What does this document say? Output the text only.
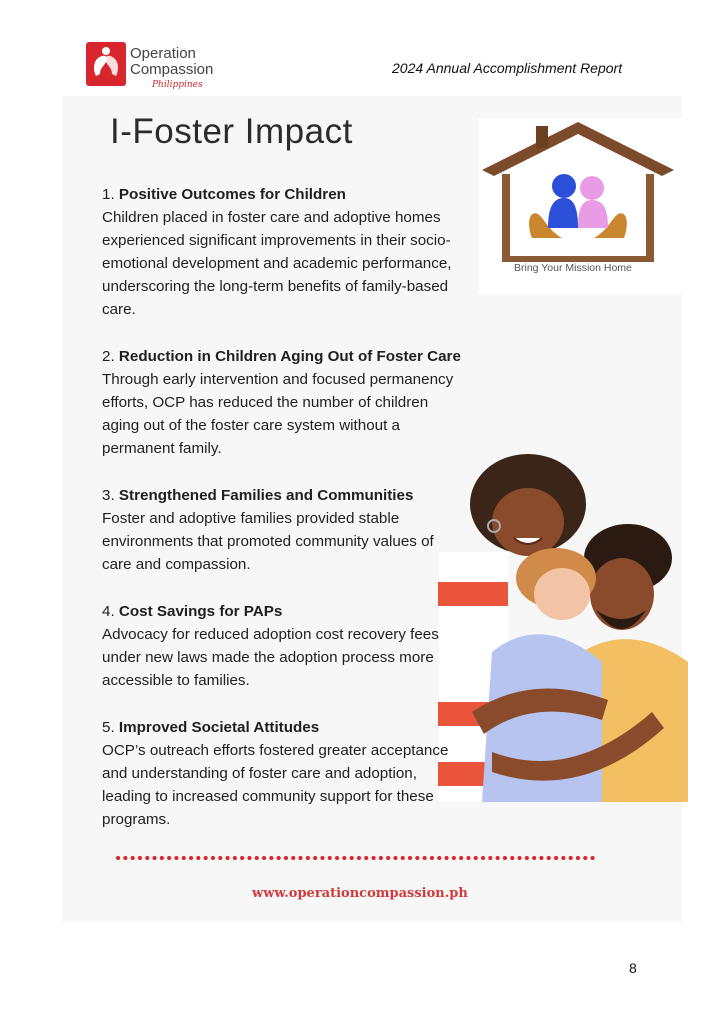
Operation
Compassion
Philippines
2024 Annual Accomplishment Report
I-Foster Impact
Bring Your Mission Home
1. Positive Outcomes for Children
Children placed in foster care and adoptive homes
experienced significant improvements in their socio-
emotional development and academic performance,
underscoring the long-term benefits of family-based
care.
2. Reduction in Children Aging Out of Foster Care
Through early intervention and focused permanency
efforts, OCP has reduced the number of children
aging out of the foster care system without a
permanent family.
3. Strengthened Families and Communities
Foster and adoptive families provided stable
environments that promoted community values of
care and compassion.
4. Cost Savings for PAPs
Advocacy for reduced adoption cost recovery fees
under new laws made the adoption process more
accessible to families.
5. Improved Societal Attitudes
OCP’s outreach efforts fostered greater acceptance
and understanding of foster care and adoption,
leading to increased community support for these
programs.
www.operationcompassion.ph
8
